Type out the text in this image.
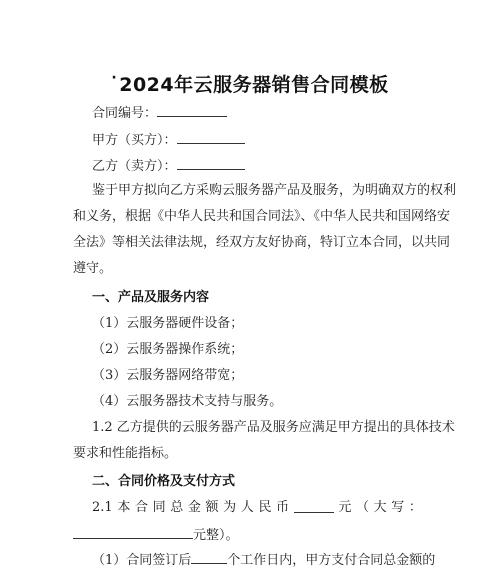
· 2024年云服务器销售合同模板
合同编号：
甲方（买方）：
乙方（卖方）：
鉴于甲方拟向乙方采购云服务器产品及服务，为明确双方的权利
和义务，根据《中华人民共和国合同法》、《中华人民共和国网络安
全法》等相关法律法规，经双方友好协商，特订立本合同，以共同
遵守。
一、产品及服务内容
（1）云服务器硬件设备；
（2）云服务器操作系统；
（3）云服务器网络带宽；
（4）云服务器技术支持与服务。
1.2 乙方提供的云服务器产品及服务应满足甲方提出的具体技术
要求和性能指标。
二、合同价格及支付方式
2.1 本 合 同 总 金 额 为 人 民 币	元 （ 大 写 ：
元整）。
（1）合同签订后	个工作日内，甲方支付合同总金额的
